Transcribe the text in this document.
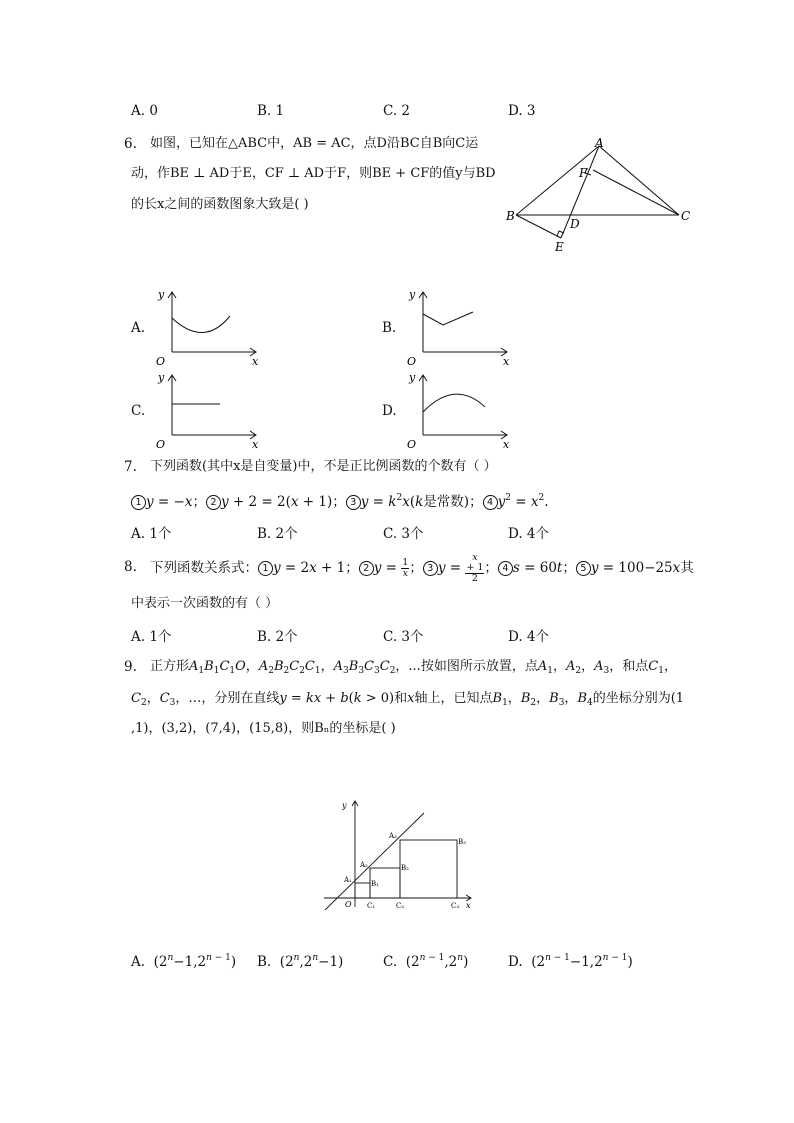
A. 0	B. 1	C. 2	D. 3
6. 如图，已知在△ABC中，AB = AC，点D沿BC自B向C运
动，作BE ⊥ AD于E，CF ⊥ AD于F，则BE + CF的值y与BD
的长x之间的函数图象大致是( )
A
B	C
D
E
F
A.
y
x
O
B.
y
x
O
C.
y
x
O
D.
y
x
O
7. 下列函数(其中x是自变量)中，不是正比例函数的个数有（ ）
1 y = −x； 2 y + 2 = 2(x + 1)； 3 $y = k^2x(k$是常数)； 4 $y^2 = x^2$.
A. 1个	B. 2个	C. 3个	D. 4个
8. 下列函数关系式： 1 y = 2x + 1； 2 $y = \frac{1}{x}$ ； 3 y = x
+ 1
2 ； 4 s = 60t； 5 y = 100−25x其
中表示一次函数的有（ ）
A. 1个	B. 2个	C. 3个	D. 4个
9. 正方形$A_1B_1C_1O$，$A_2B_2C_2C_1$，$A_3B_3C_3C_2$，...按如图所示放置，点$A_1$，$A_2$，$A_3$，和点$C_1$，
$C_2$，$C_3$，…，分别在直线y = kx + b(k > 0)和x轴上，已知点$B_1$，$B_2$，$B_3$，$B_4$的坐标分别为(1
,1)，(3,2)，(7,4)，(15,8)，则Bₙ的坐标是( )
y
x
O
A₁
A₂
A₃
B₁
B₂
B₃
C₁	C₂	C₃
A.  $(2^n-1,2^{n - 1})$ B.  $(2^n,2^n-1)$	C.  $(2^{n - 1},2^n)$	D.  $(2^{n - 1}-1,2^{n - 1})$
